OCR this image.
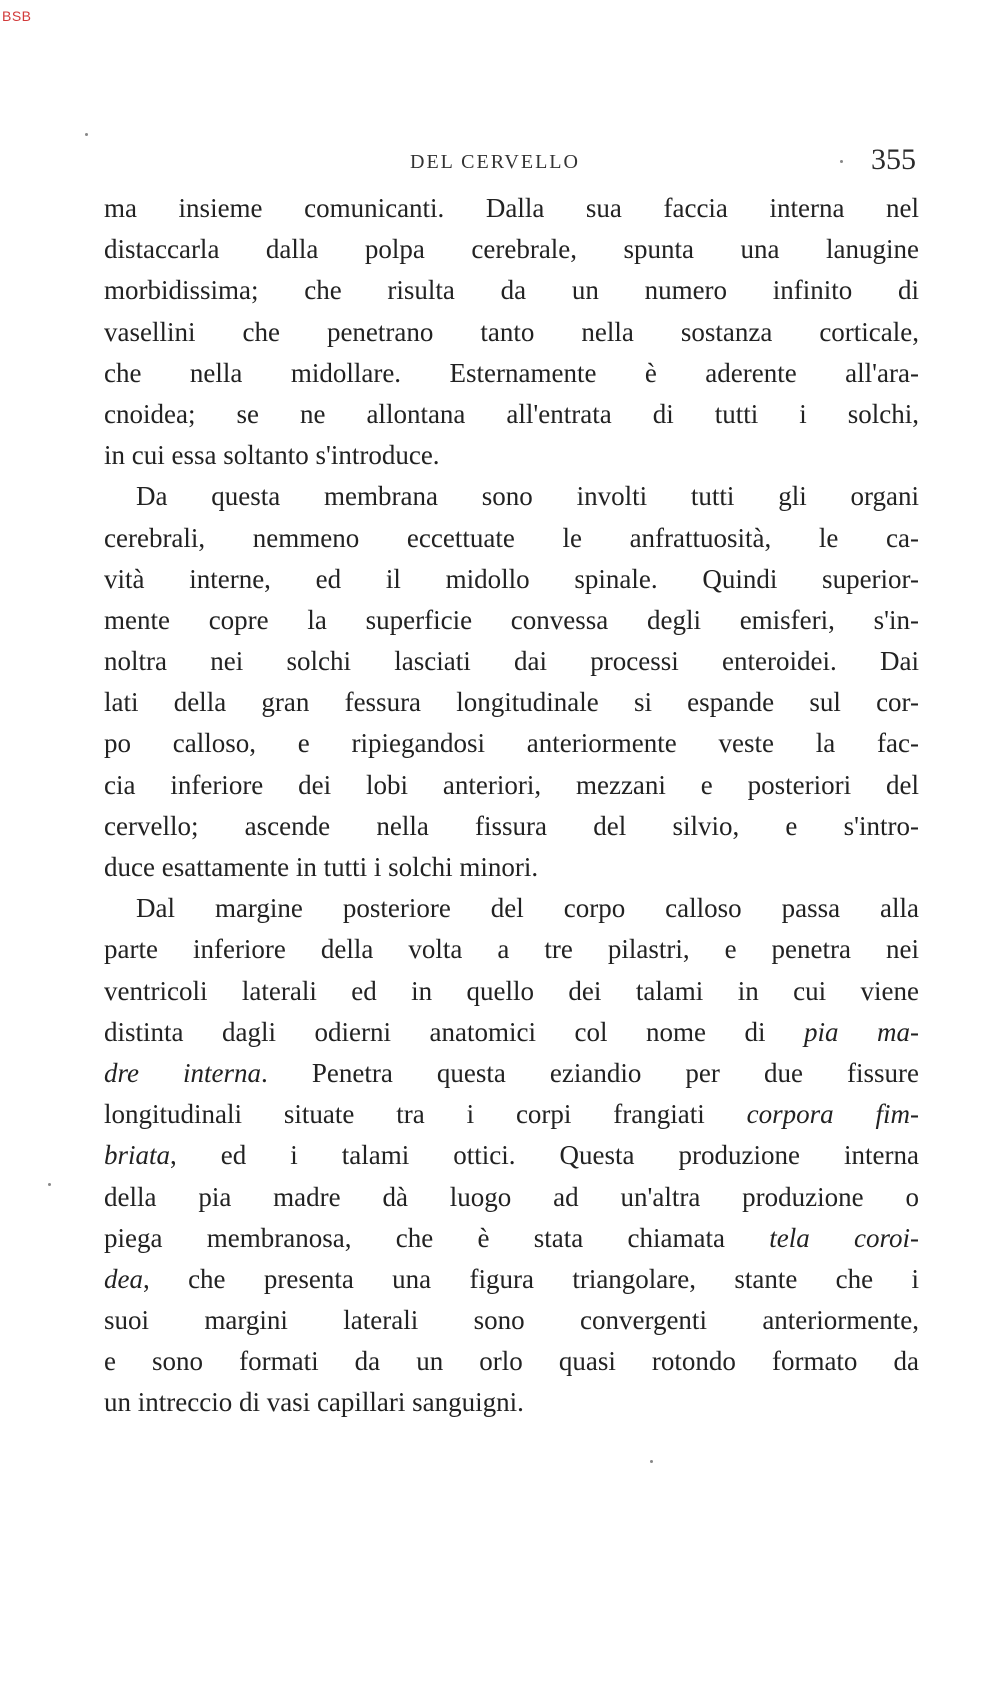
BSB
DEL CERVELLO	355
ma insieme comunicanti. Dalla sua faccia interna nel
distaccarla dalla polpa cerebrale, spunta una lanugine
morbidissima; che risulta da un numero infinito di
vasellini che penetrano tanto nella sostanza corticale,
che nella midollare. Esternamente è aderente all'ara-
cnoidea; se ne allontana all'entrata di tutti i solchi,
in cui essa soltanto s'introduce.
Da questa membrana sono involti tutti gli organi
cerebrali, nemmeno eccettuate le anfrattuosità, le ca-
vità interne, ed il midollo spinale. Quindi superior-
mente copre la superficie convessa degli emisferi, s'in-
noltra nei solchi lasciati dai processi enteroidei. Dai
lati della gran fessura longitudinale si espande sul cor-
po calloso, e ripiegandosi anteriormente veste la fac-
cia inferiore dei lobi anteriori, mezzani e posteriori del
cervello; ascende nella fissura del silvio, e s'intro-
duce esattamente in tutti i solchi minori.
Dal margine posteriore del corpo calloso passa alla
parte inferiore della volta a tre pilastri, e penetra nei
ventricoli laterali ed in quello dei talami in cui viene
distinta dagli odierni anatomici col nome di pia ma-
dre interna. Penetra questa eziandio per due fissure
longitudinali situate tra i corpi frangiati corpora fim-
briata, ed i talami ottici. Questa produzione interna
della pia madre dà luogo ad un'altra produzione o
piega membranosa, che è stata chiamata tela coroi-
dea, che presenta una figura triangolare, stante che i
suoi margini laterali sono convergenti anteriormente,
e sono formati da un orlo quasi rotondo formato da
un intreccio di vasi capillari sanguigni.
